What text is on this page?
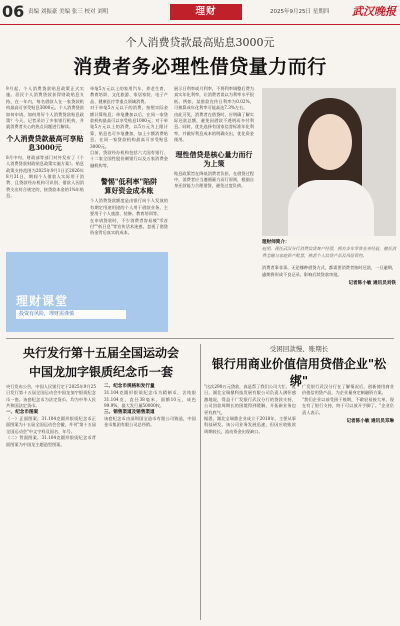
06 责编 刘振豪 美编 张三 校对 刘明	理财	2025年9月25日 星期四 武汉晚报
个人消费贷款最高贴息3000元
消费者务必理性借贷量力而行
9月起，个人消费贷款贴息政策正式实施。居民个人消费贷款获得财政贴息支持，在一年内，每名借款人在一家贷款机构最高可享受贴息3000元。个人消费贷款如何申请，如何用好个人消费贷款贴息政策？今天，记者采访了多家银行机构，并就消费者关心的热点问题进行解读。
个人消费贷款最高可享贴息3000元
8月中旬，财政部等部门对外发布了《个人消费贷款财政贴息政策实施方案》。贴息政策支持范围为2025年9月1日至2026年8月31日，期间个人借款人实际用于消费、且贷款经办机构可识别、借款人因消费支出符合规定的，按贷款本金的1%年贴息。
单笔5万元以上的家用汽车、养老生育、教育培训、文化旅游、家居家装、电子产品、健康医疗等重点领域消费。
对于单笔5万元以下的消费，按照实际金额计算贴息；单笔叠加以后，在同一家贷款机构最高可以享受贴息1000元；对于单笔5万元以上的消费，以5万元为上限计算，贴息也可多笔叠加，加上小额消费贴息，在同一家贷款机构最高可享受贴息3000元。
目前，贷款经办机构包括六大国有银行、十二家全国性股份制银行以及五家消费金融机构等。
警惕"低利率"陷阱
算好资金成本账
个人消费贷款额度是由银行向个人发放的有期定用途用途的个人用于借款业务，主要用于个人旅游、装修、教育培训等。
在申请贷款时，不少消费者容易被"零首付""低日息"等宣传话术迷惑，忽视了借贷资金背后真实的成本。
展示日利率或月利率，不将利率调整后费为真实年化利率，让消费者误以为利率水平很低。例如，某借款宣传日利率为0.02%，可换算成年化利率可能高达7.3%左右。
由此可见，消费者在借贷时，应明确了解实际还款总额，避免因借款不透明而多付利息。同时，优先选择有国家信誉标准年化利率，并做好利息成本的明确支出，优化资金使用。
理性借贷是核心量力而行为上策
贴息政策旨在降低消费者负担，在借贷过程中，消费者应当遵循量力而行原则，根据自身还款能力合理借贷，避免过度负债。
理财课堂
投资有风险，理财需谨慎
理财师简介：
赵明，现任武汉分行消费信贷客户经理，拥有多年零售业务经验，擅长消费金融与家庭资产配置，熟悉个人信贷产品及风险管控。
消费者事非事。无论哪种借贷方式，都需要消费者按时还款，一旦逾期，逾期将形成不良记录，影响后续贷款审批。
记者陈小敏 通讯员刘铁
央行发行第十五届全国运动会
中国龙加字银质纪念币一套
央行发布公告，中国人民银行定于2025年9月25日发行第十五届全国运动会中国龙加字银质纪念币一套。该套纪念币为法定货币，均为中华人民共和国法定货币。
一、纪念币图案
（一）正面图案。31.104克圆形银质纪念币正面图案为十五届全国运动会会徽，并刊"第十五届全国运动会"中文字样及国名、年号。
（二）背面图案。31.104克圆形银质纪念币背面图案为中国龙主题造型图案。
二、纪念币规格和发行量
31.104克圆形银质纪念币为精制币，含纯银31.104克，直径38毫米，面额10元，成色99.9%，最大发行量50000枚。
三、销售渠道及销售渠道
该套纪念币由深圳国宝造币有限公司铸造，中国金币集团有限公司总经销。
受困回款慢、账期长
银行用商业价值信用贷借企业"松绑"
"这次290万元贷款，真是帮了我们公司大忙。"近日，湖北宝瑞鼎科技发展有限公司负责人满怀感激地说，得益于广发银行武汉分行的贷款支持，公司回款周期长的困境得到缓解，开拓新业务也更有底气。
据悉，湖北宝瑞鼎企业成立于2018年，主要从事科技研发。该公司业务发展迅速，但因应收账款周期较长，流动资金出现缺口。
广发银行武汉分行在了解情况后，创新使用商业价值信用贷产品，为企业量身定制融资方案。
"我们企业以前受困于账期，不敢轻易接大单，现在有了银行支持，终于可以放开手脚了。"企业负责人表示。
记者陈小敏 通讯员邓琳
